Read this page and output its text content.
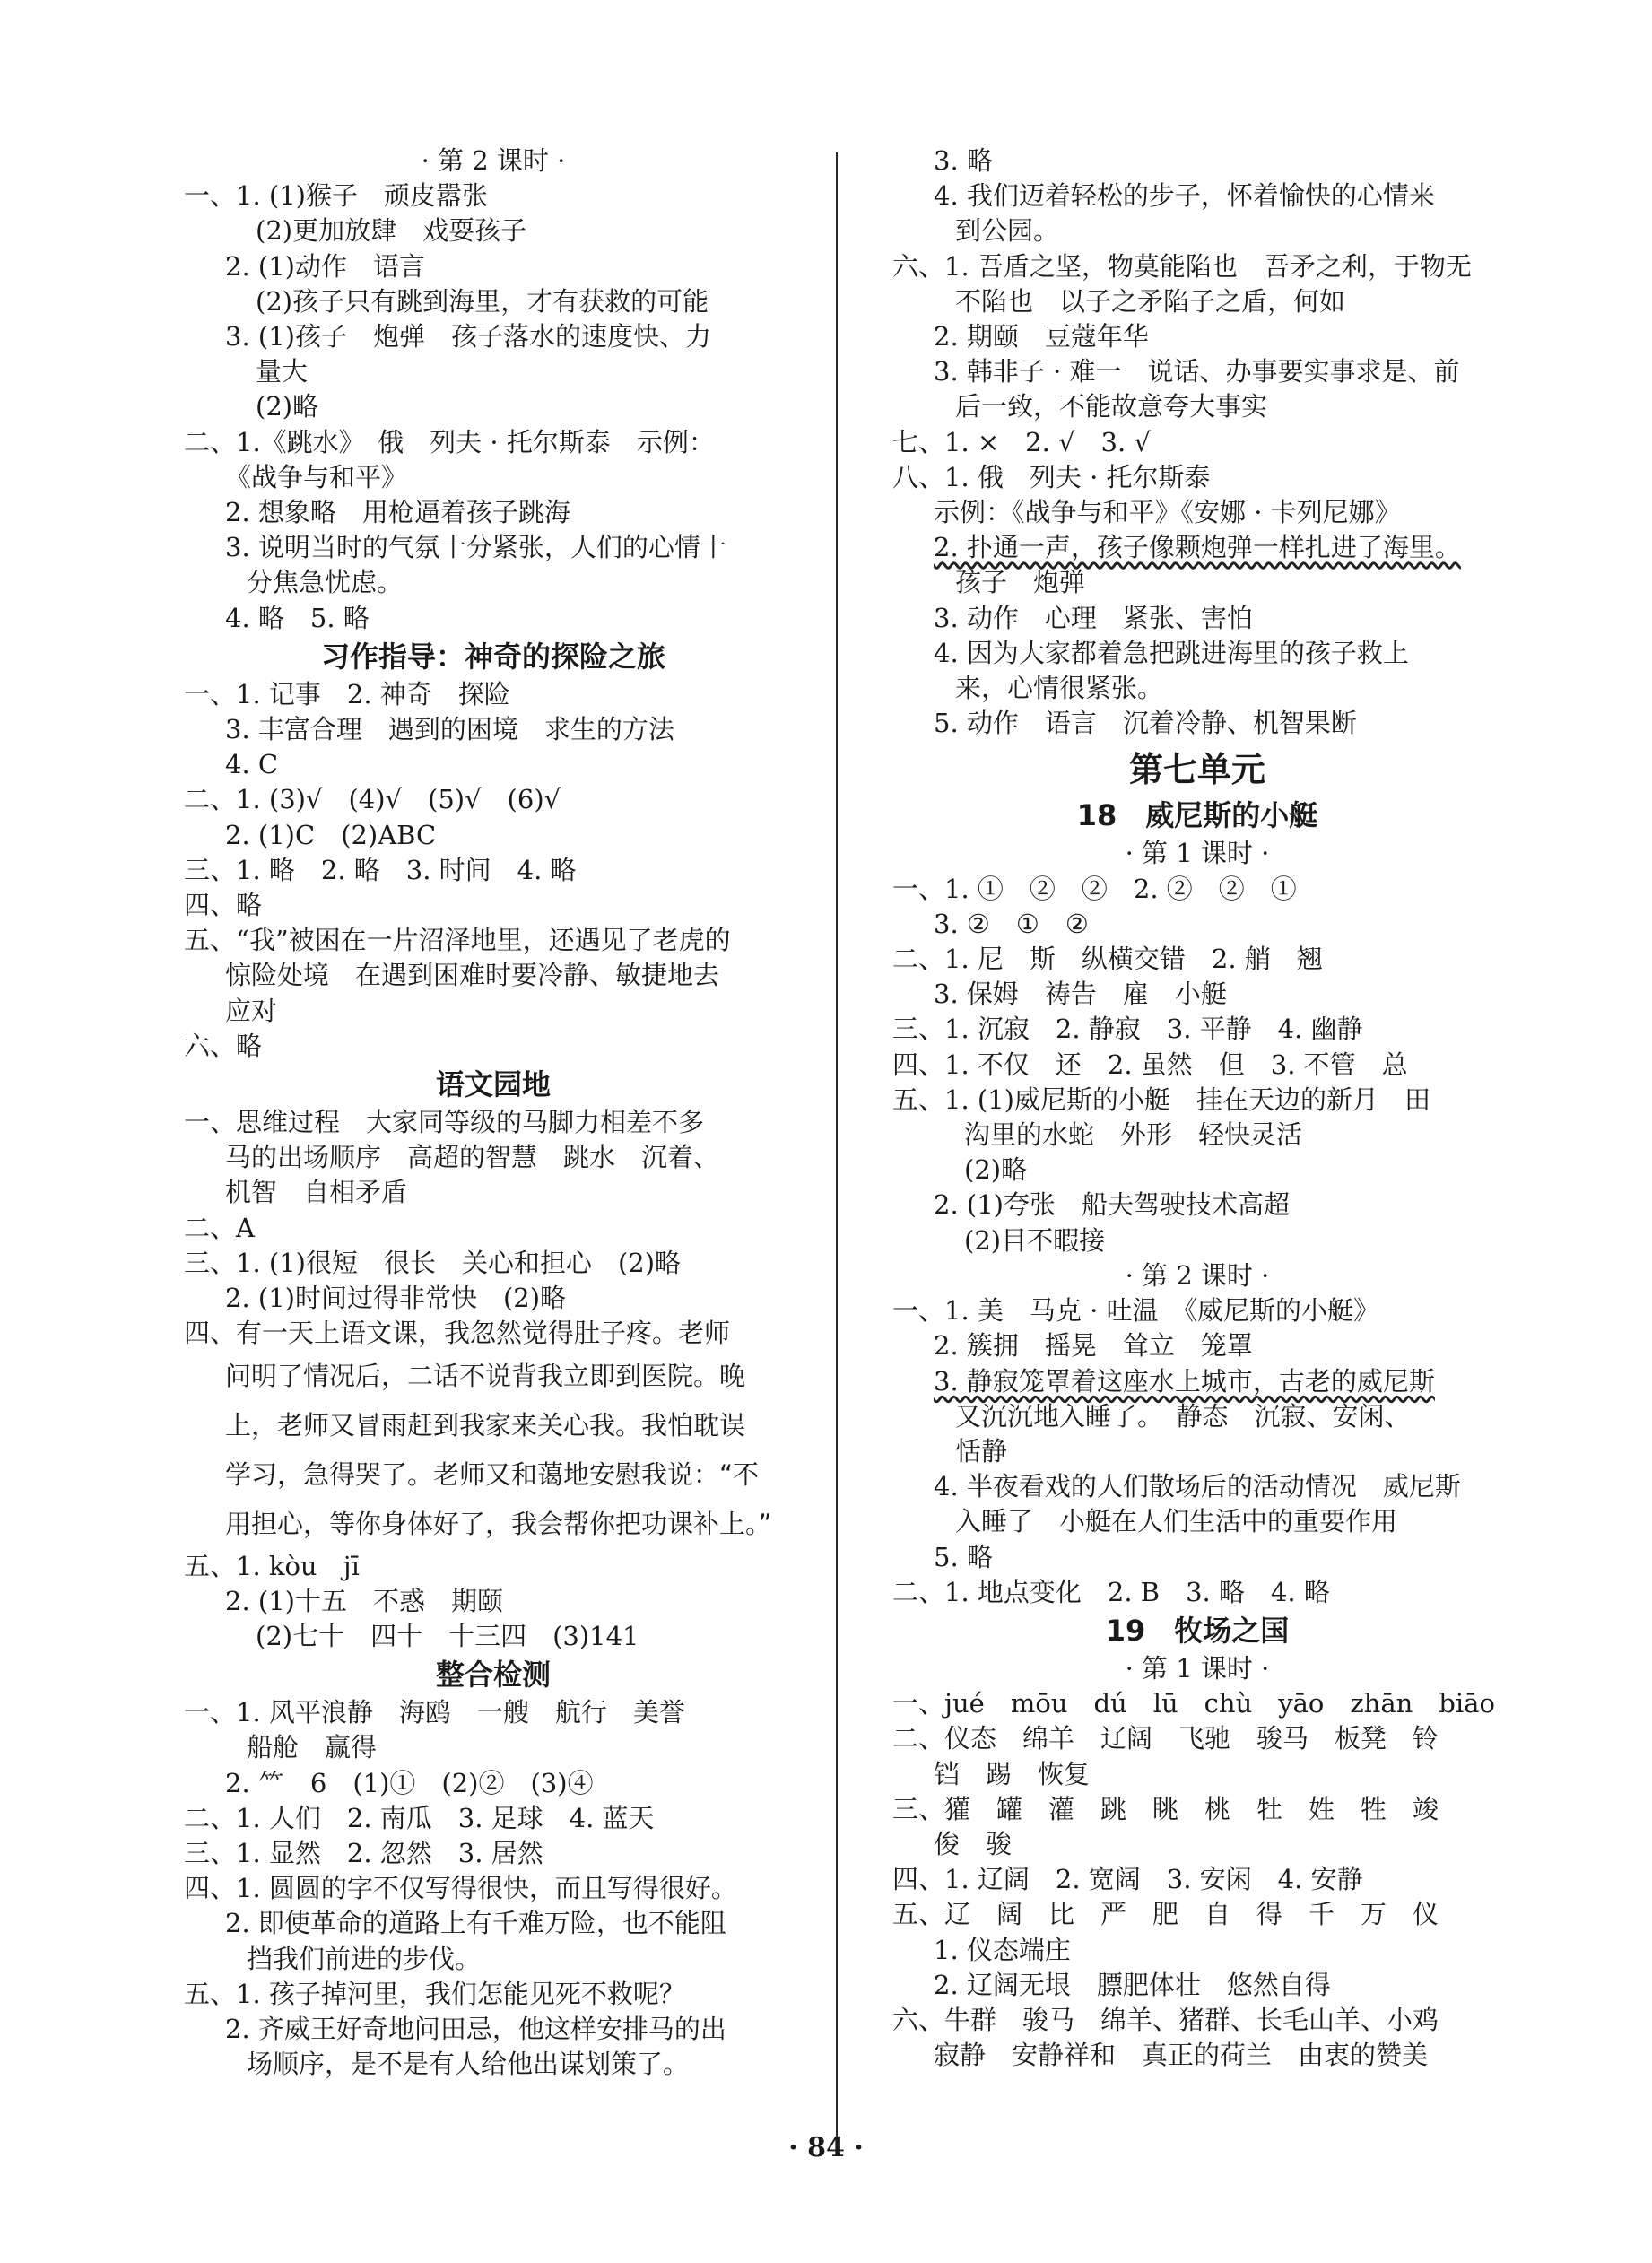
· 第 2 课时 ·
一、1. (1)猴子　顽皮嚣张
(2)更加放肆　戏耍孩子
2. (1)动作　语言
(2)孩子只有跳到海里，才有获救的可能
3. (1)孩子　炮弹　孩子落水的速度快、力
量大
(2)略
二、1.《跳水》　俄　列夫 · 托尔斯泰　示例：
《战争与和平》
2. 想象略　用枪逼着孩子跳海
3. 说明当时的气氛十分紧张，人们的心情十
分焦急忧虑。
4. 略　5. 略
习作指导：神奇的探险之旅
一、1. 记事　2. 神奇　探险
3. 丰富合理　遇到的困境　求生的方法
4. C
二、1. (3)√　(4)√　(5)√　(6)√
2. (1)C　(2)ABC
三、1. 略　2. 略　3. 时间　4. 略
四、略
五、“我”被困在一片沼泽地里，还遇见了老虎的
惊险处境　在遇到困难时要冷静、敏捷地去
应对
六、略
语文园地
一、思维过程　大家同等级的马脚力相差不多
马的出场顺序　高超的智慧　跳水　沉着、
机智　自相矛盾
二、A
三、1. (1)很短　很长　关心和担心　(2)略
2. (1)时间过得非常快　(2)略
四、有一天上语文课，我忽然觉得肚子疼。老师
问明了情况后，二话不说背我立即到医院。晚
上，老师又冒雨赶到我家来关心我。我怕耽误
学习，急得哭了。老师又和蔼地安慰我说：“不
用担心，等你身体好了，我会帮你把功课补上。”
五、1. kòu　jī
2. (1)十五　不惑　期颐
(2)七十　四十　十三四　(3)141
整合检测
一、1. 风平浪静　海鸥　一艘　航行　美誉
船舱　赢得
2. ⺮　6　(1)①　(2)②　(3)④
二、1. 人们　2. 南瓜　3. 足球　4. 蓝天
三、1. 显然　2. 忽然　3. 居然
四、1. 圆圆的字不仅写得很快，而且写得很好。
2. 即使革命的道路上有千难万险，也不能阻
挡我们前进的步伐。
五、1. 孩子掉河里，我们怎能见死不救呢？
2. 齐威王好奇地问田忌，他这样安排马的出
场顺序，是不是有人给他出谋划策了。
3. 略
4. 我们迈着轻松的步子，怀着愉快的心情来
到公园。
六、1. 吾盾之坚，物莫能陷也　吾矛之利，于物无
不陷也　以子之矛陷子之盾，何如
2. 期颐　豆蔻年华
3. 韩非子 · 难一　说话、办事要实事求是、前
后一致，不能故意夸大事实
七、1. ×　2. √　3. √
八、1. 俄　列夫 · 托尔斯泰
示例：《战争与和平》《安娜 · 卡列尼娜》
2. 扑通一声，孩子像颗炮弹一样扎进了海里。
孩子　炮弹
3. 动作　心理　紧张、害怕
4. 因为大家都着急把跳进海里的孩子救上
来，心情很紧张。
5. 动作　语言　沉着冷静、机智果断
第七单元
18　威尼斯的小艇
· 第 1 课时 ·
一、1. ①　②　②　2. ②　②　①
3. ②　①　②
二、1. 尼　斯　纵横交错　2. 艄　翘
3. 保姆　祷告　雇　小艇
三、1. 沉寂　2. 静寂　3. 平静　4. 幽静
四、1. 不仅　还　2. 虽然　但　3. 不管　总
五、1. (1)威尼斯的小艇　挂在天边的新月　田
沟里的水蛇　外形　轻快灵活
(2)略
2. (1)夸张　船夫驾驶技术高超
(2)目不暇接
· 第 2 课时 ·
一、1. 美　马克 · 吐温　《威尼斯的小艇》
2. 簇拥　摇晃　耸立　笼罩
3. 静寂笼罩着这座水上城市，古老的威尼斯
又沉沉地入睡了。　静态　沉寂、安闲、
恬静
4. 半夜看戏的人们散场后的活动情况　威尼斯
入睡了　小艇在人们生活中的重要作用
5. 略
二、1. 地点变化　2. B　3. 略　4. 略
19　牧场之国
· 第 1 课时 ·
一、jué　mōu　dú　lū　chù　yāo　zhān　biāo
二、仪态　绵羊　辽阔　飞驰　骏马　板凳　铃
铛　踢　恢复
三、獾　罐　灌　跳　眺　桃　牡　姓　牲　竣
俊　骏
四、1. 辽阔　2. 宽阔　3. 安闲　4. 安静
五、辽　阔　比　严　肥　自　得　千　万　仪
1. 仪态端庄
2. 辽阔无垠　膘肥体壮　悠然自得
六、牛群　骏马　绵羊、猪群、长毛山羊、小鸡
寂静　安静祥和　真正的荷兰　由衷的赞美
· 84 ·
